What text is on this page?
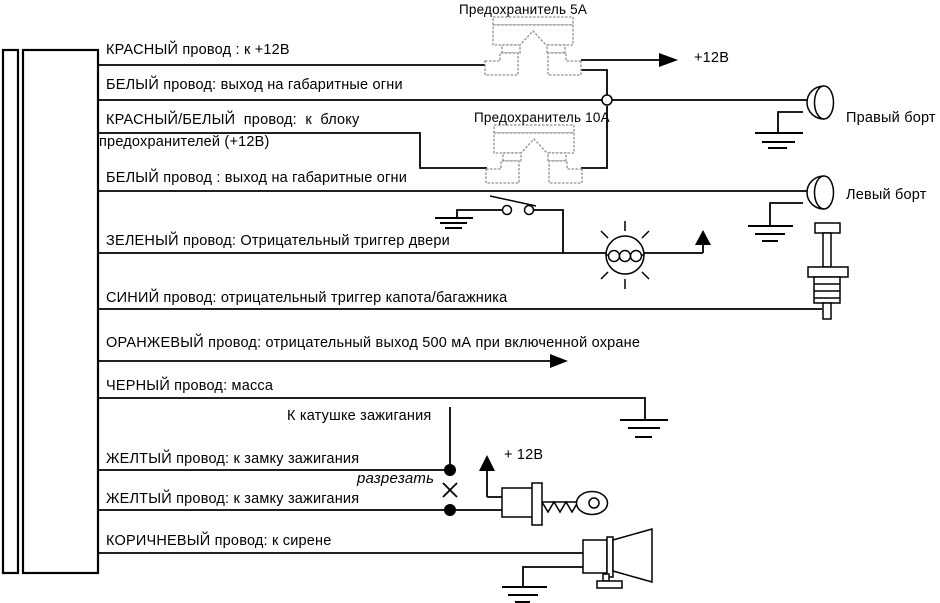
Предохранитель 5А
КРАСНЫЙ провод : к +12В	+12В
БЕЛЫЙ провод: выход на габаритные огни
Предохранитель 10А
КРАСНЫЙ/БЕЛЫЙ  провод:  к  блоку
предохранителей (+12В)
БЕЛЫЙ провод : выход на габаритные огни
Правый борт
Левый борт
ЗЕЛЕНЫЙ провод: Отрицательный триггер двери
СИНИЙ провод: отрицательный триггер капота/багажника
ОРАНЖЕВЫЙ провод: отрицательный выход 500 мА при включенной охране
ЧЕРНЫЙ провод: масса
К катушке зажигания
ЖЕЛТЫЙ провод: к замку зажигания
разрезать
ЖЕЛТЫЙ провод: к замку зажигания
+ 12В
КОРИЧНЕВЫЙ провод: к сирене
